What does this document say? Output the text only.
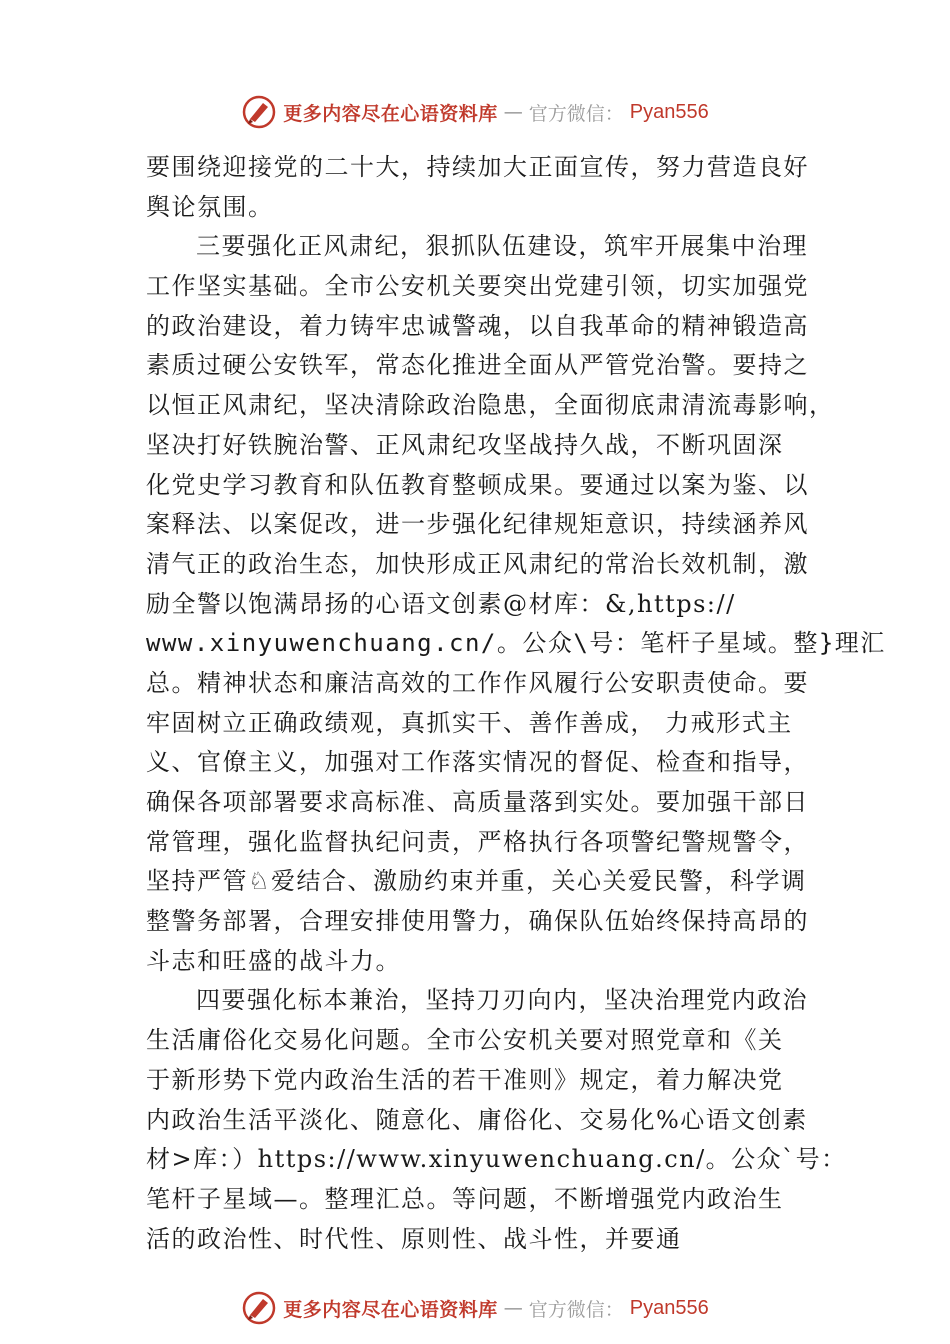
更多内容尽在心语资料库 — 官方微信： Pyan556
要围绕迎接党的二十大，持续加大正面宣传，努力营造良好
舆论氛围。
三要强化正风肃纪，狠抓队伍建设，筑牢开展集中治理
工作坚实基础。全市公安机关要突出党建引领，切实加强党
的政治建设，着力铸牢忠诚警魂，以自我革命的精神锻造高
素质过硬公安铁军，常态化推进全面从严管党治警。要持之
以恒正风肃纪，坚决清除政治隐患，全面彻底肃清流毒影响，
坚决打好铁腕治警、正风肃纪攻坚战持久战，不断巩固深
化党史学习教育和队伍教育整顿成果。要通过以案为鉴、以
案释法、以案促改，进一步强化纪律规矩意识，持续涵养风
清气正的政治生态，加快形成正风肃纪的常治长效机制，激
励全警以饱满昂扬的心语文创素@材库：&,https://
www.xinyuwenchuang.cn/。公众\号：笔杆子星域。整}理汇
总。精神状态和廉洁高效的工作作风履行公安职责使命。要
牢固树立正确政绩观，真抓实干、善作善成， 力戒形式主
义、官僚主义，加强对工作落实情况的督促、检查和指导，
确保各项部署要求高标准、高质量落到实处。要加强干部日
常管理，强化监督执纪问责，严格执行各项警纪警规警令，
坚持严管♘爱结合、激励约束并重，关心关爱民警，科学调
整警务部署，合理安排使用警力，确保队伍始终保持高昂的
斗志和旺盛的战斗力。
四要强化标本兼治，坚持刀刃向内，坚决治理党内政治
生活庸俗化交易化问题。全市公安机关要对照党章和《关
于新形势下党内政治生活的若干准则》规定，着力解决党
内政治生活平淡化、随意化、庸俗化、交易化%心语文创素
材>库：）https://www.xinyuwenchuang.cn/。公众`号：
笔杆子星域—。整理汇总。等问题，不断增强党内政治生
活的政治性、时代性、原则性、战斗性，并要通
更多内容尽在心语资料库 — 官方微信： Pyan556
